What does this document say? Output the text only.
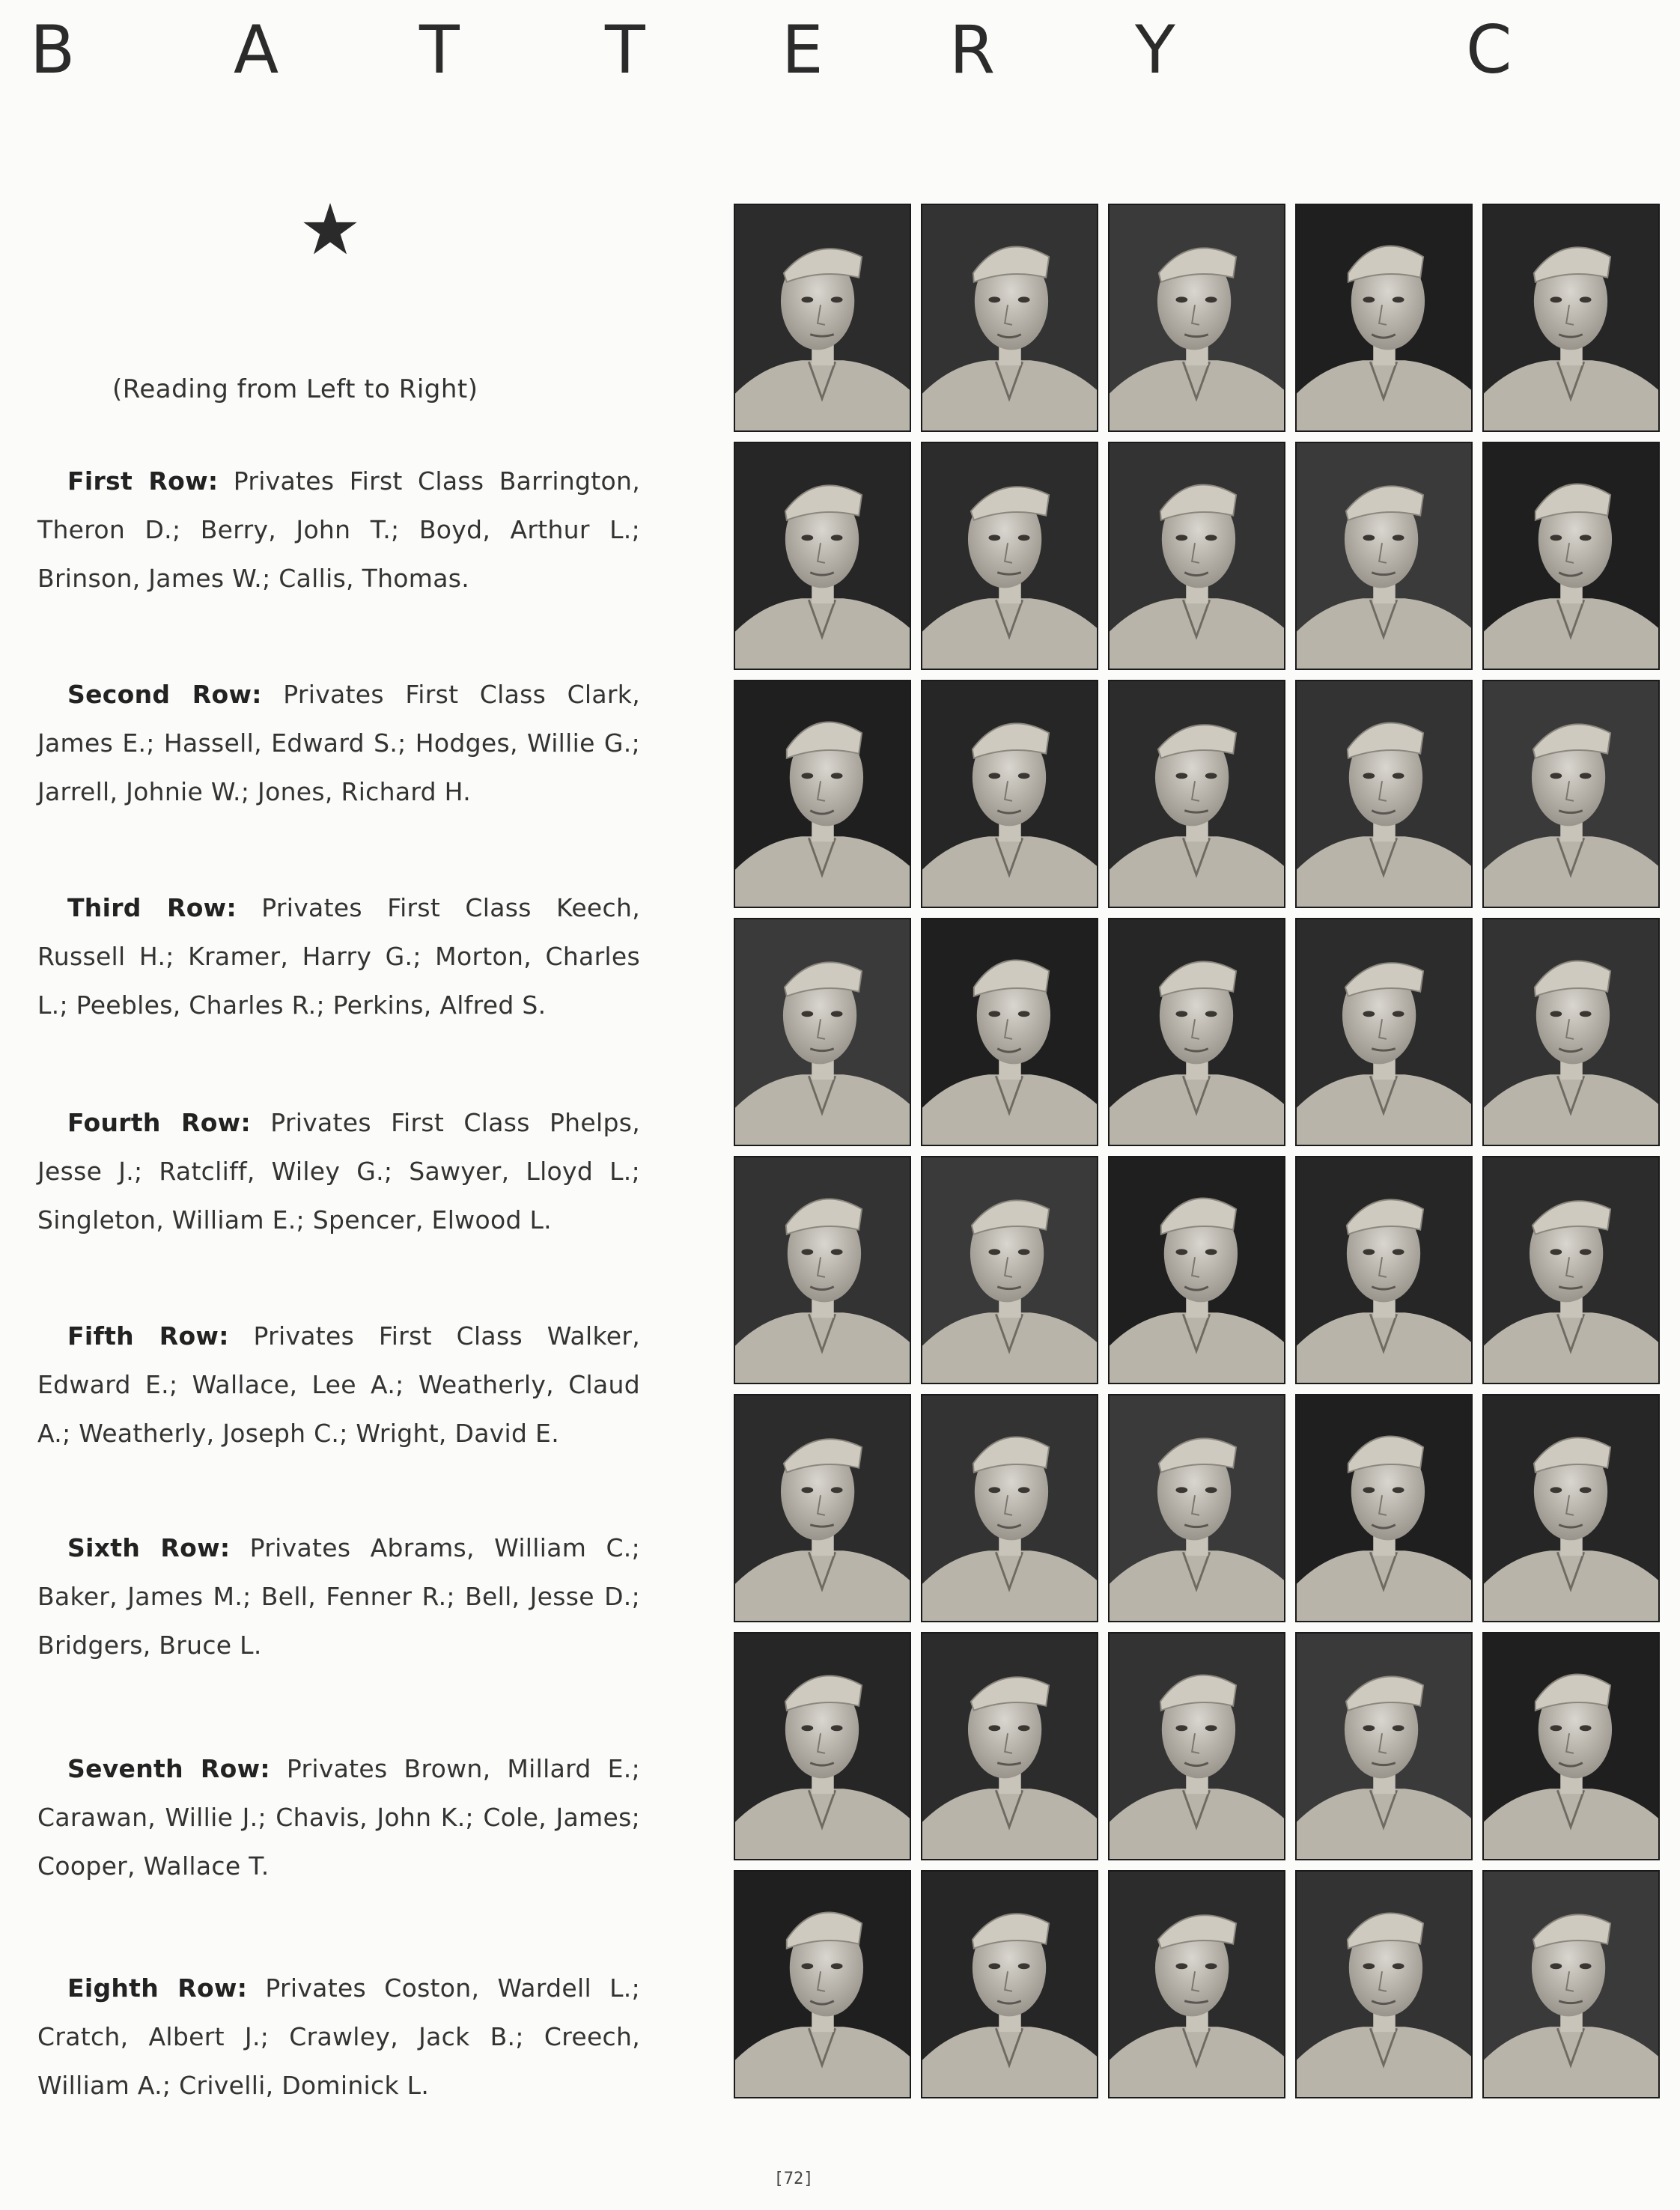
B A T T E R Y	C
(Reading from Left to Right)

First Row: Privates First Class Barrington, Theron D.; Berry, John T.; Boyd, Arthur L.; Brinson, James W.; Callis, Thomas.

Second Row: Privates First Class Clark, James E.; Hassell, Edward S.; Hodges, Willie G.; Jarrell, Johnie W.; Jones, Richard H.

Third Row: Privates First Class Keech, Russell H.; Kramer, Harry G.; Morton, Charles L.; Peebles, Charles R.; Perkins, Alfred S.

Fourth Row: Privates First Class Phelps, Jesse J.; Ratcliff, Wiley G.; Sawyer, Lloyd L.; Singleton, William E.; Spencer, Elwood L.

Fifth Row: Privates First Class Walker, Edward E.; Wallace, Lee A.; Weatherly, Claud A.; Weatherly, Joseph C.; Wright, David E.

Sixth Row: Privates Abrams, William C.; Baker, James M.; Bell, Fenner R.; Bell, Jesse D.; Bridgers, Bruce L.

Seventh Row: Privates Brown, Millard E.; Carawan, Willie J.; Chavis, John K.; Cole, James; Cooper, Wallace T.

Eighth Row: Privates Coston, Wardell L.; Cratch, Albert J.; Crawley, Jack B.; Creech, William A.; Crivelli, Dominick L.

[72]
